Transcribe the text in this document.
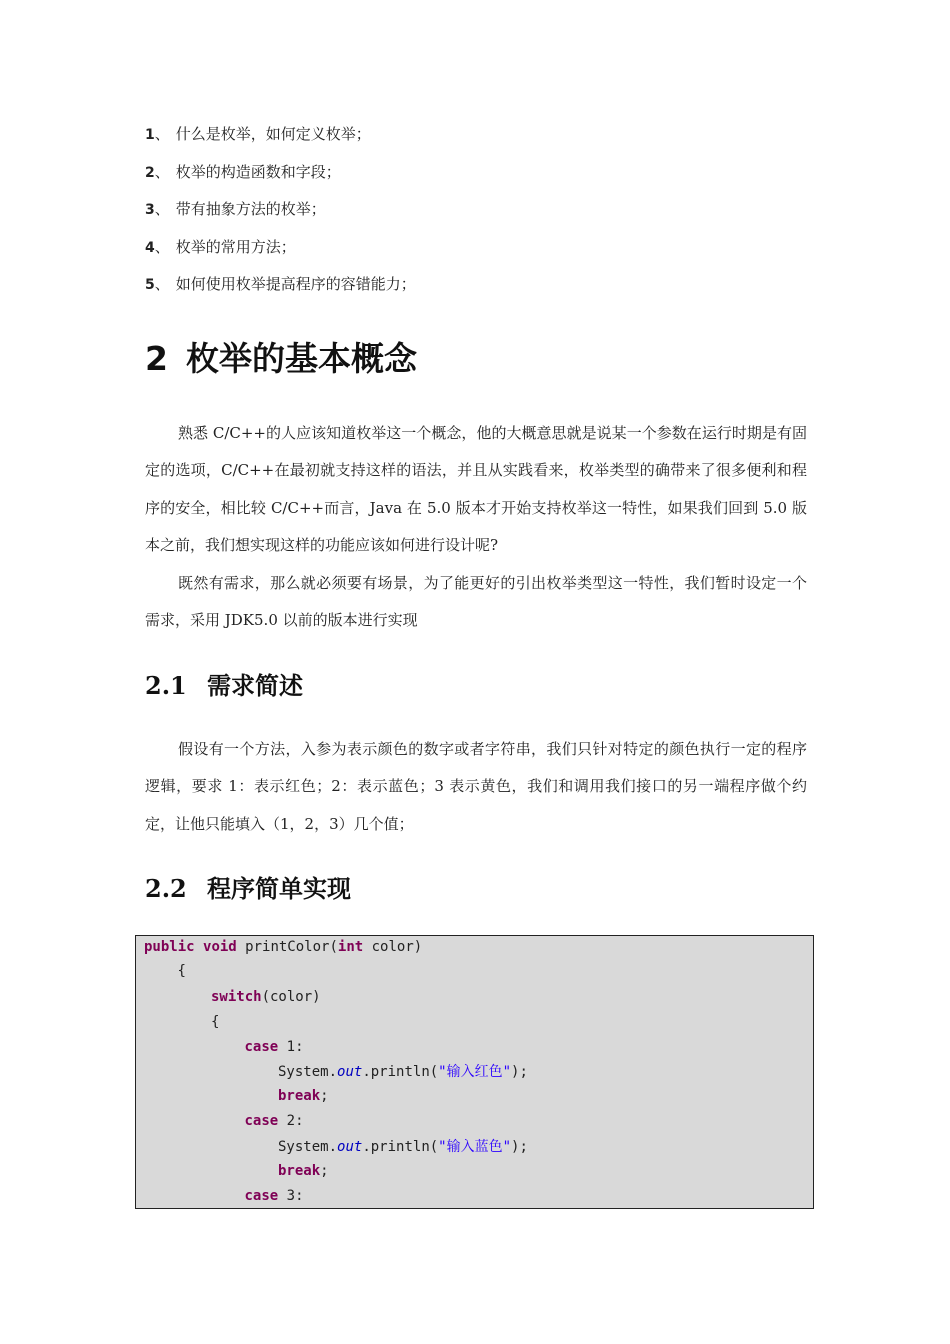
1、 什么是枚举，如何定义枚举；
2、 枚举的构造函数和字段；
3、 带有抽象方法的枚举；
4、 枚举的常用方法；
5、 如何使用枚举提高程序的容错能力；
2 枚举的基本概念

熟悉 C/C++的人应该知道枚举这一个概念，他的大概意思就是说某一个参数在运行时期是有固定的选项，C/C++在最初就支持这样的语法，并且从实践看来，枚举类型的确带来了很多便利和程序的安全，相比较 C/C++而言，Java 在 5.0 版本才开始支持枚举这一特性，如果我们回到 5.0 版本之前，我们想实现这样的功能应该如何进行设计呢?

既然有需求，那么就必须要有场景，为了能更好的引出枚举类型这一特性，我们暂时设定一个需求，采用 JDK5.0 以前的版本进行实现

2.1 需求简述

假设有一个方法，入参为表示颜色的数字或者字符串，我们只针对特定的颜色执行一定的程序逻辑，要求 1：表示红色；2：表示蓝色；3 表示黄色，我们和调用我们接口的另一端程序做个约定，让他只能填入（1，2，3）几个值；

2.2 程序简单实现
public void printColor(int color)
{
switch(color)
{
case 1:
System.out.println("输入红色");
break;
case 2:
System.out.println("输入蓝色");
break;
case 3:
